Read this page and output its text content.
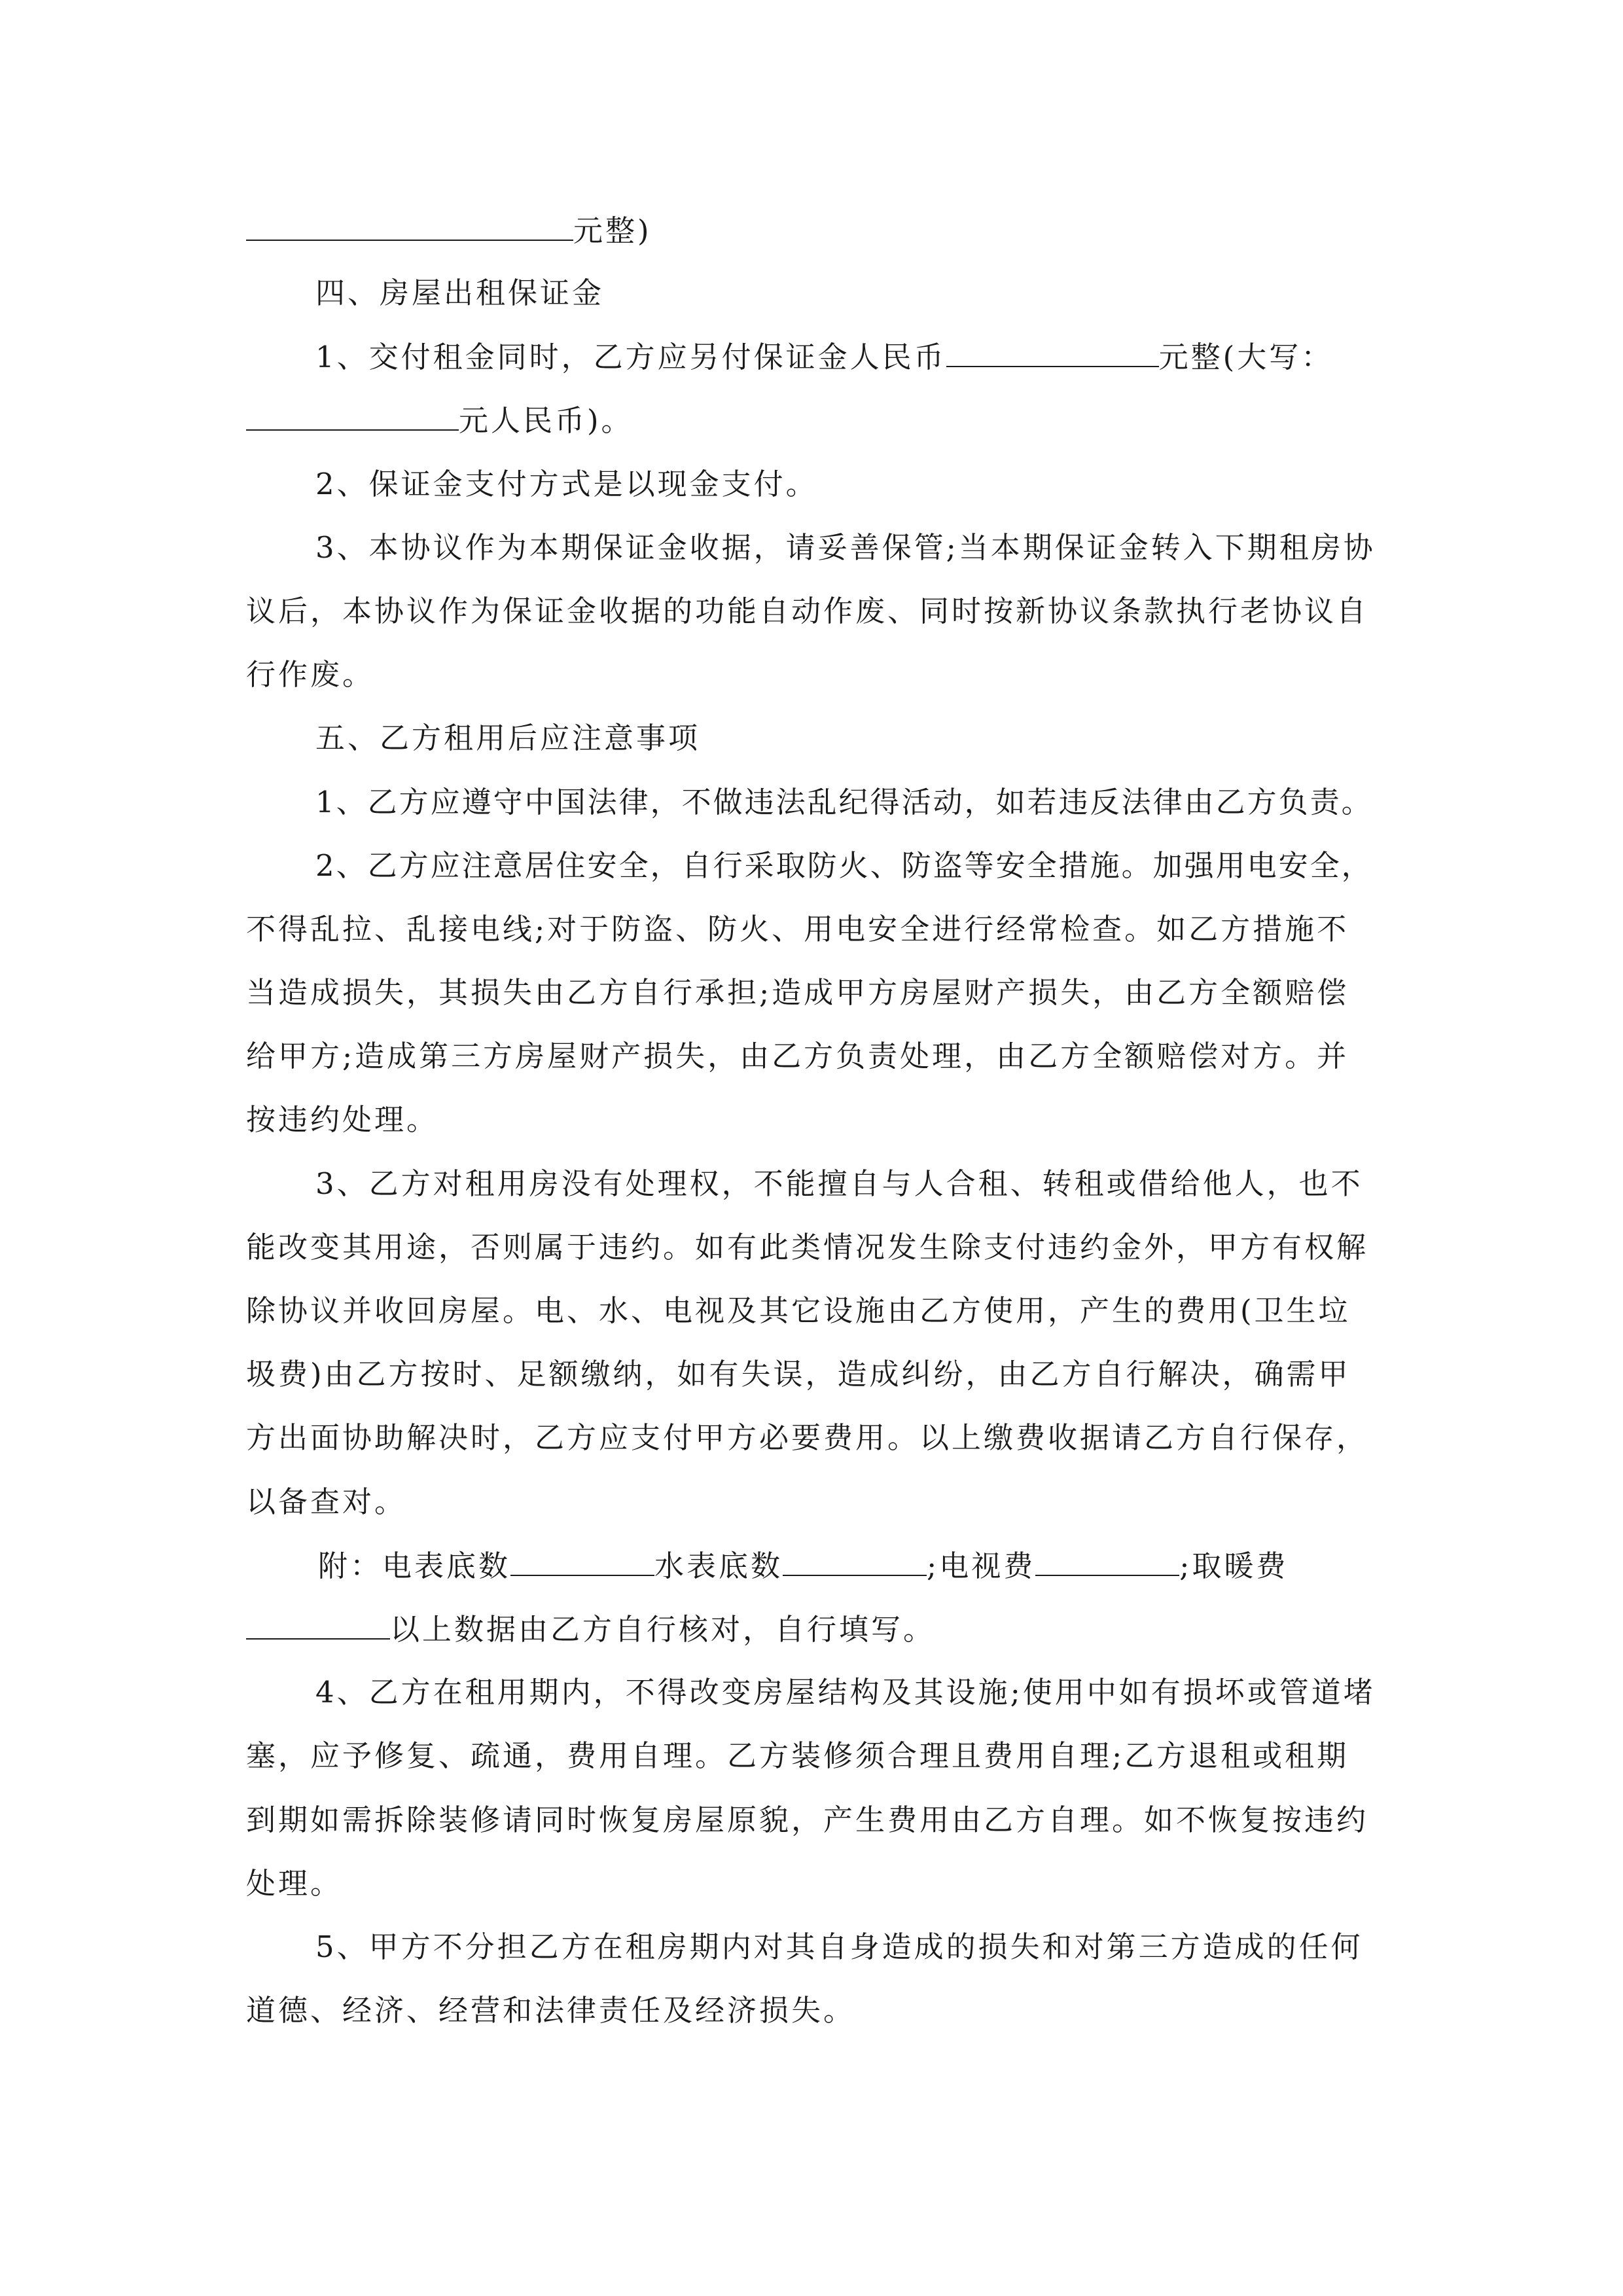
元整)
四、房屋出租保证金
1、交付租金同时，乙方应另付保证金人民币	元整(大写：
元人民币)。
2、保证金支付方式是以现金支付。
3、本协议作为本期保证金收据，请妥善保管;当本期保证金转入下期租房协
议后，本协议作为保证金收据的功能自动作废、同时按新协议条款执行老协议自
行作废。
五、乙方租用后应注意事项
1、乙方应遵守中国法律，不做违法乱纪得活动，如若违反法律由乙方负责。
2、乙方应注意居住安全，自行采取防火、防盗等安全措施。加强用电安全，
不得乱拉、乱接电线;对于防盗、防火、用电安全进行经常检查。如乙方措施不
当造成损失，其损失由乙方自行承担;造成甲方房屋财产损失，由乙方全额赔偿
给甲方;造成第三方房屋财产损失，由乙方负责处理，由乙方全额赔偿对方。并
按违约处理。
3、乙方对租用房没有处理权，不能擅自与人合租、转租或借给他人，也不
能改变其用途，否则属于违约。如有此类情况发生除支付违约金外，甲方有权解
除协议并收回房屋。电、水、电视及其它设施由乙方使用，产生的费用(卫生垃
圾费)由乙方按时、足额缴纳，如有失误，造成纠纷，由乙方自行解决，确需甲
方出面协助解决时，乙方应支付甲方必要费用。以上缴费收据请乙方自行保存，
以备查对。
附：电表底数	水表底数	;电视费	;取暖费
以上数据由乙方自行核对，自行填写。
4、乙方在租用期内，不得改变房屋结构及其设施;使用中如有损坏或管道堵
塞，应予修复、疏通，费用自理。乙方装修须合理且费用自理;乙方退租或租期
到期如需拆除装修请同时恢复房屋原貌，产生费用由乙方自理。如不恢复按违约
处理。
5、甲方不分担乙方在租房期内对其自身造成的损失和对第三方造成的任何
道德、经济、经营和法律责任及经济损失。
